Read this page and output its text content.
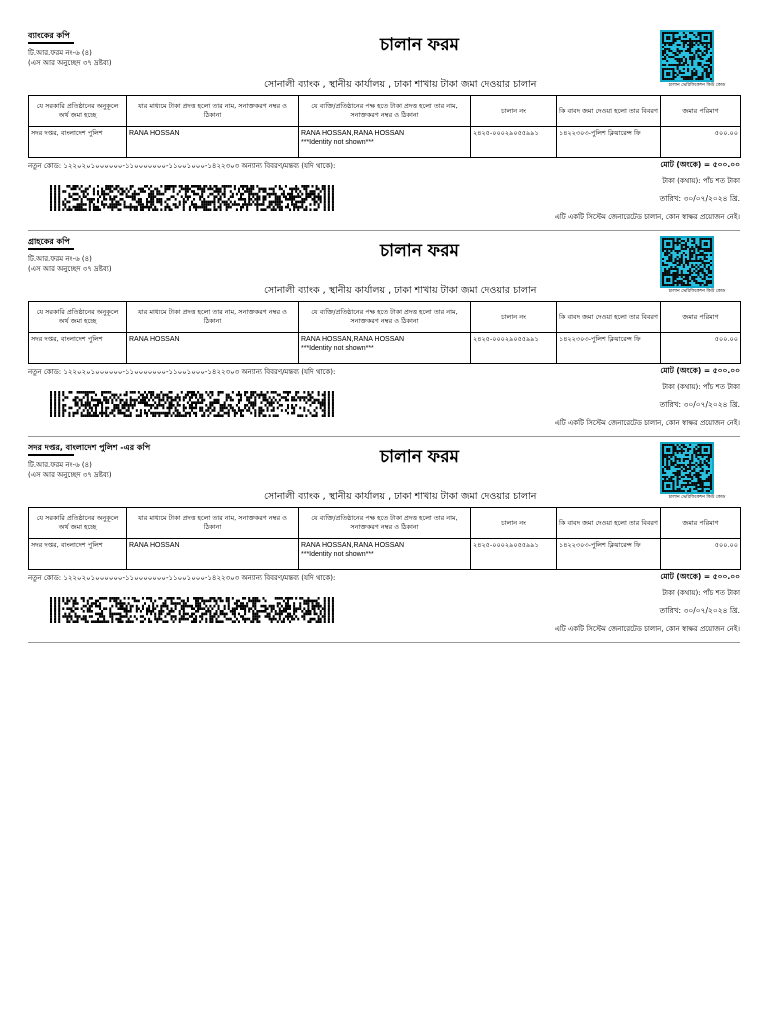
ব্যাংকের কপি
টি.আর.ফরম নং-৬ (৪)
(এস আর অনুচ্ছেদ ৩৭ দ্রষ্টব্য)
চালান ফরম
চালান ভেরিফিকেশন কিউ কোড
সোনালী ব্যাংক , স্থানীয় কার্যালয় , ঢাকা শাখায় টাকা জমা দেওয়ার চালান
যে সরকারি প্রতিষ্ঠানের অনুকূলে অর্থ জমা হচ্ছে	যার মাধ্যমে টাকা প্রদত্ত হলো তার নাম, সনাক্তকরণ নম্বর ও ঠিকানা	যে ব্যক্তি/প্রতিষ্ঠানের পক্ষ হতে টাকা প্রদত্ত হলো তার নাম, সনাক্তকরণ নম্বর ও ঠিকানা	চালান নং	কি বাবদ জমা দেওয়া হলো তার বিবরণ	জমার পরিমাণ
সদর দপ্তর, বাংলাদেশ পুলিশ	RANA HOSSAN	RANA HOSSAN,RANA HOSSAN
***Identity not shown***	২৪২৫-০০০২৯০৫৫৯৯১	১৪২২৩০৩-পুলিশ ক্লিয়ারেন্স ফি	৫০০.০০
নতুন কোড: ১২২০২০১০০০০০০-১১০০০০০০০-১১০০১০০০-১৪২২৩০৩ অন্যান্য বিবরণ/মন্তব্য (যদি থাকে):	মোট (অংকে) = ৫০০.০০
টাকা (কথায়): পাঁচ শত টাকা
তারিখ: ৩০/০৭/২০২৪ খ্রি.
এটি একটি সিস্টেম জেনারেটেড চালান, কোন স্বাক্ষর প্রয়োজন নেই।
গ্রাহকের কপি
টি.আর.ফরম নং-৬ (৪)
(এস আর অনুচ্ছেদ ৩৭ দ্রষ্টব্য)
চালান ফরম
চালান ভেরিফিকেশন কিউ কোড
সোনালী ব্যাংক , স্থানীয় কার্যালয় , ঢাকা শাখায় টাকা জমা দেওয়ার চালান
যে সরকারি প্রতিষ্ঠানের অনুকূলে অর্থ জমা হচ্ছে	যার মাধ্যমে টাকা প্রদত্ত হলো তার নাম, সনাক্তকরণ নম্বর ও ঠিকানা	যে ব্যক্তি/প্রতিষ্ঠানের পক্ষ হতে টাকা প্রদত্ত হলো তার নাম, সনাক্তকরণ নম্বর ও ঠিকানা	চালান নং	কি বাবদ জমা দেওয়া হলো তার বিবরণ	জমার পরিমাণ
সদর দপ্তর, বাংলাদেশ পুলিশ	RANA HOSSAN	RANA HOSSAN,RANA HOSSAN
***Identity not shown***	২৪২৫-০০০২৯০৫৫৯৯১	১৪২২৩০৩-পুলিশ ক্লিয়ারেন্স ফি	৫০০.০০
নতুন কোড: ১২২০২০১০০০০০০-১১০০০০০০০-১১০০১০০০-১৪২২৩০৩ অন্যান্য বিবরণ/মন্তব্য (যদি থাকে):	মোট (অংকে) = ৫০০.০০
টাকা (কথায়): পাঁচ শত টাকা
তারিখ: ৩০/০৭/২০২৪ খ্রি.
এটি একটি সিস্টেম জেনারেটেড চালান, কোন স্বাক্ষর প্রয়োজন নেই।
সদর দপ্তর, বাংলাদেশ পুলিশ -এর কপি
টি.আর.ফরম নং-৬ (৪)
(এস আর অনুচ্ছেদ ৩৭ দ্রষ্টব্য)
চালান ফরম
চালান ভেরিফিকেশন কিউ কোড
সোনালী ব্যাংক , স্থানীয় কার্যালয় , ঢাকা শাখায় টাকা জমা দেওয়ার চালান
যে সরকারি প্রতিষ্ঠানের অনুকূলে অর্থ জমা হচ্ছে	যার মাধ্যমে টাকা প্রদত্ত হলো তার নাম, সনাক্তকরণ নম্বর ও ঠিকানা	যে ব্যক্তি/প্রতিষ্ঠানের পক্ষ হতে টাকা প্রদত্ত হলো তার নাম, সনাক্তকরণ নম্বর ও ঠিকানা	চালান নং	কি বাবদ জমা দেওয়া হলো তার বিবরণ	জমার পরিমাণ
সদর দপ্তর, বাংলাদেশ পুলিশ	RANA HOSSAN	RANA HOSSAN,RANA HOSSAN
***Identity not shown***	২৪২৫-০০০২৯০৫৫৯৯১	১৪২২৩০৩-পুলিশ ক্লিয়ারেন্স ফি	৫০০.০০
নতুন কোড: ১২২০২০১০০০০০০-১১০০০০০০০-১১০০১০০০-১৪২২৩০৩ অন্যান্য বিবরণ/মন্তব্য (যদি থাকে):	মোট (অংকে) = ৫০০.০০
টাকা (কথায়): পাঁচ শত টাকা
তারিখ: ৩০/০৭/২০২৪ খ্রি.
এটি একটি সিস্টেম জেনারেটেড চালান, কোন স্বাক্ষর প্রয়োজন নেই।
